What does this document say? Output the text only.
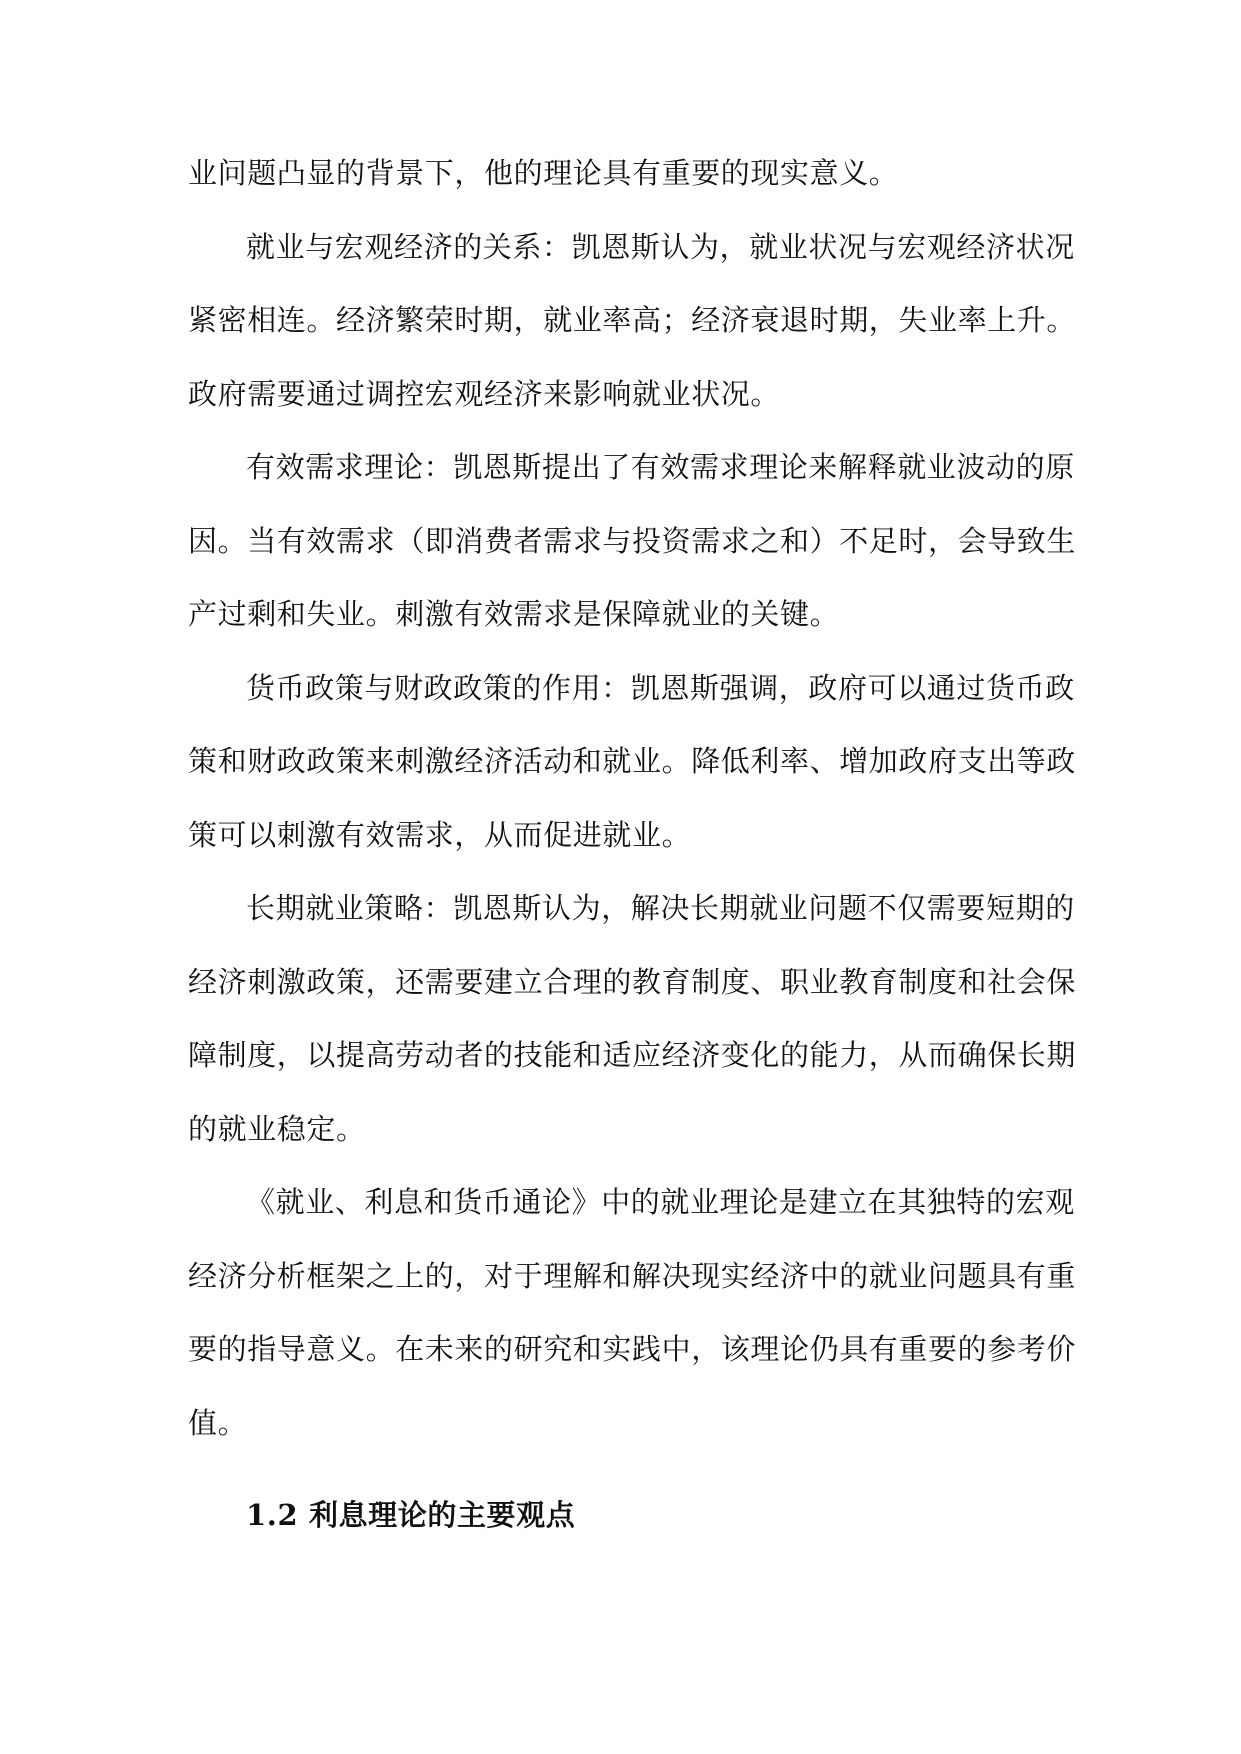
业问题凸显的背景下，他的理论具有重要的现实意义。
就业与宏观经济的关系：凯恩斯认为，就业状况与宏观经济状况
紧密相连。经济繁荣时期，就业率高；经济衰退时期，失业率上升。
政府需要通过调控宏观经济来影响就业状况。
有效需求理论：凯恩斯提出了有效需求理论来解释就业波动的原
因。当有效需求（即消费者需求与投资需求之和）不足时，会导致生
产过剩和失业。刺激有效需求是保障就业的关键。
货币政策与财政政策的作用：凯恩斯强调，政府可以通过货币政
策和财政政策来刺激经济活动和就业。降低利率、增加政府支出等政
策可以刺激有效需求，从而促进就业。
长期就业策略：凯恩斯认为，解决长期就业问题不仅需要短期的
经济刺激政策，还需要建立合理的教育制度、职业教育制度和社会保
障制度，以提高劳动者的技能和适应经济变化的能力，从而确保长期
的就业稳定。
《就业、利息和货币通论》中的就业理论是建立在其独特的宏观
经济分析框架之上的，对于理解和解决现实经济中的就业问题具有重
要的指导意义。在未来的研究和实践中，该理论仍具有重要的参考价
值。
1.2 利息理论的主要观点
